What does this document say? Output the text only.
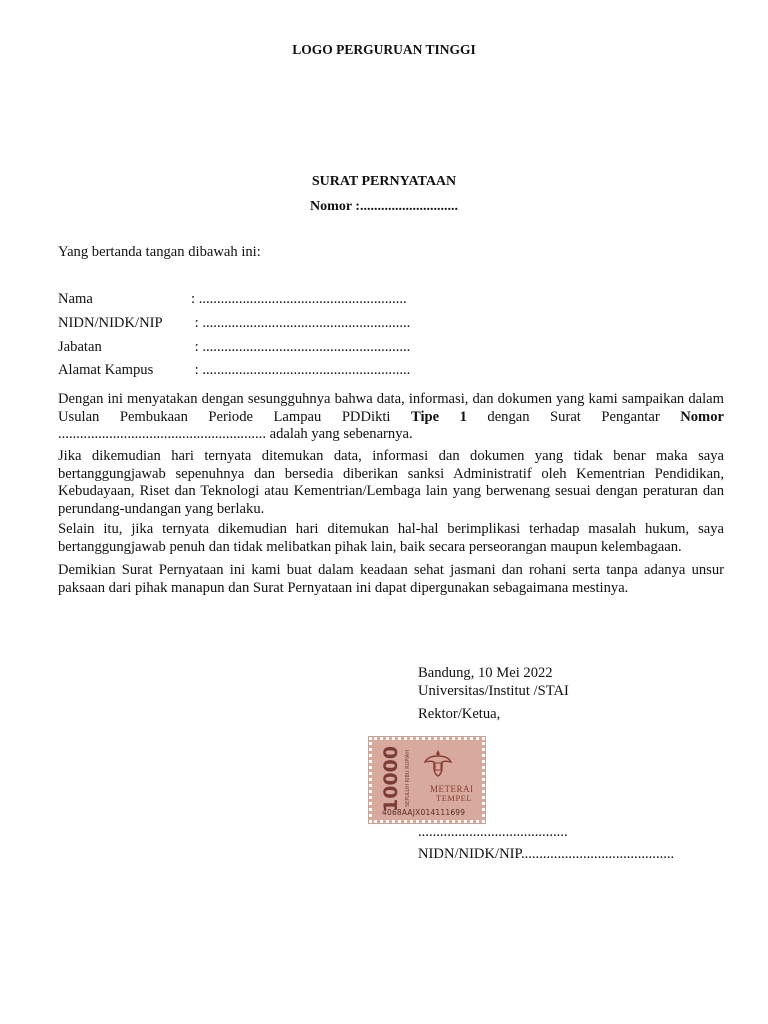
LOGO PERGURUAN TINGGI
SURAT PERNYATAAN
Nomor :............................
Yang bertanda tangan dibawah ini:
Nama	: .........................................................
NIDN/NIDK/NIP : .........................................................
Jabatan	: .........................................................
Alamat Kampus	: .........................................................
Dengan ini menyatakan dengan sesungguhnya bahwa data, informasi, dan dokumen yang kami sampaikan dalam Usulan Pembukaan Periode Lampau PDDikti Tipe 1 dengan Surat Pengantar Nomor ......................................................... adalah yang sebenarnya.
Jika dikemudian hari ternyata ditemukan data, informasi dan dokumen yang tidak benar maka saya bertanggungjawab sepenuhnya dan bersedia diberikan sanksi Administratif oleh Kementrian Pendidikan, Kebudayaan, Riset dan Teknologi atau Kementrian/Lembaga lain yang berwenang sesuai dengan peraturan dan perundang-undangan yang berlaku.
Selain itu, jika ternyata dikemudian hari ditemukan hal-hal berimplikasi terhadap masalah hukum, saya bertanggungjawab penuh dan tidak melibatkan pihak lain, baik secara perseorangan maupun kelembagaan.
Demikian Surat Pernyataan ini kami buat dalam keadaan sehat jasmani dan rohani serta tanpa adanya unsur paksaan dari pihak manapun dan Surat Pernyataan ini dapat dipergunakan sebagaimana mestinya.
Bandung, 10 Mei 2022
Universitas/Institut /STAI
Rektor/Ketua,
10000 SEPULUH RIBU RUPIAH METERAI
TEMPEL
4068AAJX014111699
.........................................
NIDN/NIDK/NIP..........................................
